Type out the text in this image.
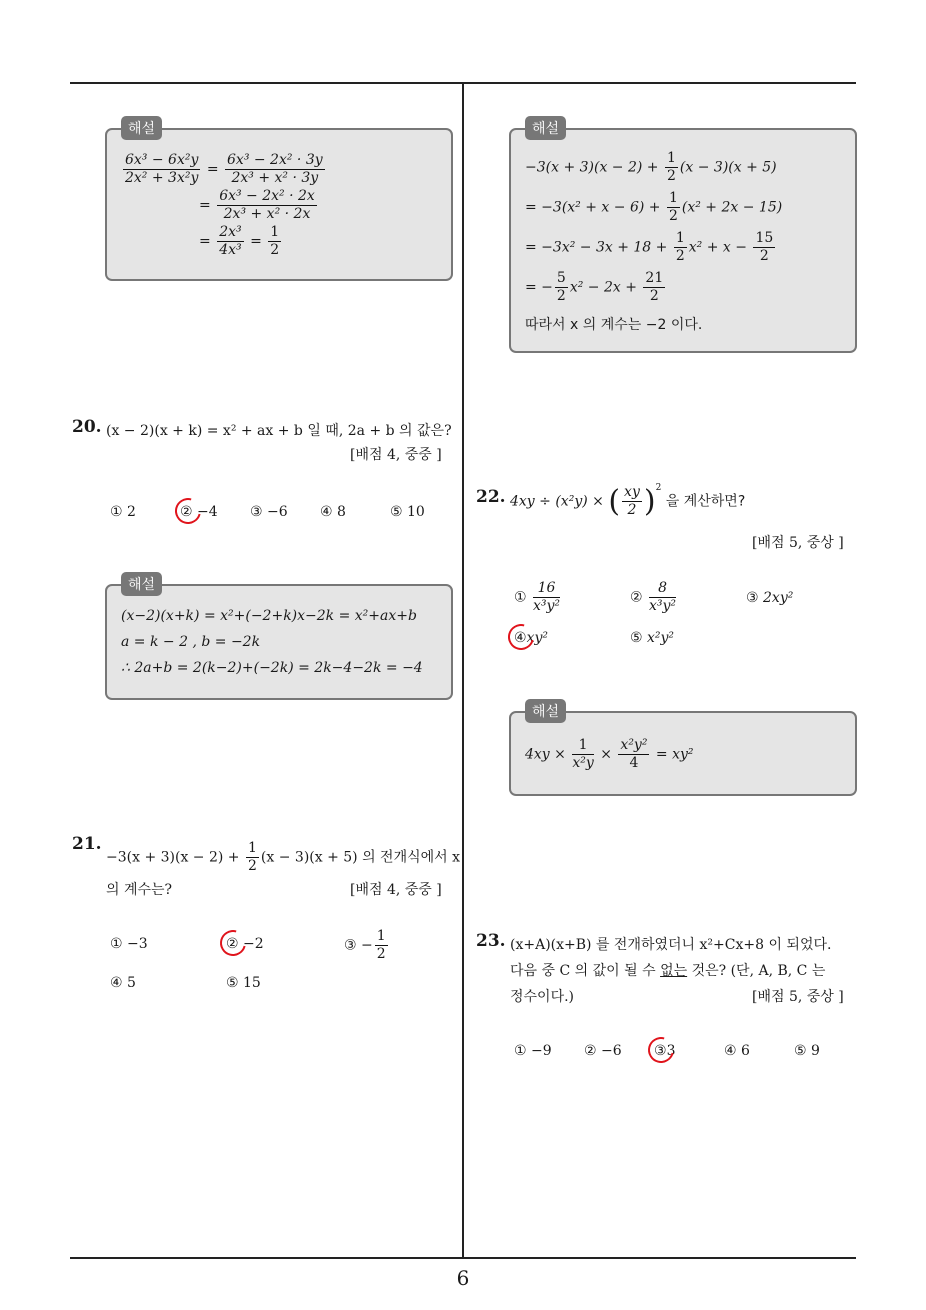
6
해설
$\frac{\text{6x³ − 6x²y}}{\text{2x² + 3x²y}} = \frac{\text{6x³ − 2x² · 3y}}{\text{2x³ + x² · 3y}}$
= $\frac{\text{6x³ − 2x² · 2x}}{\text{2x³ + x² · 2x}}$
= $\frac{\text{2x³}}{\text{4x³}} = \frac{1}{2}$
해설
$-3(x + 3)(x - 2) + \frac{1}{2} (x - 3)(x + 5)$
= $-3(x^2 + x - 6) + \frac{1}{2} (x^2 + 2x - 15)$
= $-3x^2 - 3x + 18 + \frac{1}{2} x^2 + x - \frac{15}{2}$
= − $\frac{5}{2} x^2 - 2x + \frac{21}{2}$
따라서 x 의 계수는 −2 이다.
20. (x − 2)(x + k) = x² + ax + b 일 때, 2a + b 의 값은?
[배점 4, 중중 ]
① 2	② −4 ③ −6 ④ 8	⑤ 10
해설
(x−2)(x+k) = x²+(−2+k)x−2k = x²+ax+b
a = k − 2 , b = −2k
∴ 2a+b = 2(k−2)+(−2k) = 2k−4−2k = −4
21.
$-3(x + 3)(x - 2) + \frac{1}{2} (x - 3)(x + 5)$ 의 전개식에서 x
의 계수는?	[배점 4, 중중 ]
① −3	② −2	③ − $\frac{1}{2}$
④ 5	⑤ 15
22. 4xy ÷ (x²y) × ( $\frac{xy}{2} )^2$ 을 계산하면?
[배점 5, 중상 ]
① $\frac{16}{\text{x³y²}}$	② $\frac{8}{\text{x³y²}}$	③ 2xy²
④xy²	⑤ x²y²
해설
$4xy \times \frac{1}{\text{x²y}} \times \frac{\text{x²y²}}{4} = xy^2$
23. (x+A)(x+B) 를 전개하였더니 x²+Cx+8 이 되었다.
다음 중 C 의 값이 될 수 없는 것은? (단, A, B, C 는
정수이다.)	[배점 5, 중상 ]
① −9 ② −6 ③3	④ 6	⑤ 9
